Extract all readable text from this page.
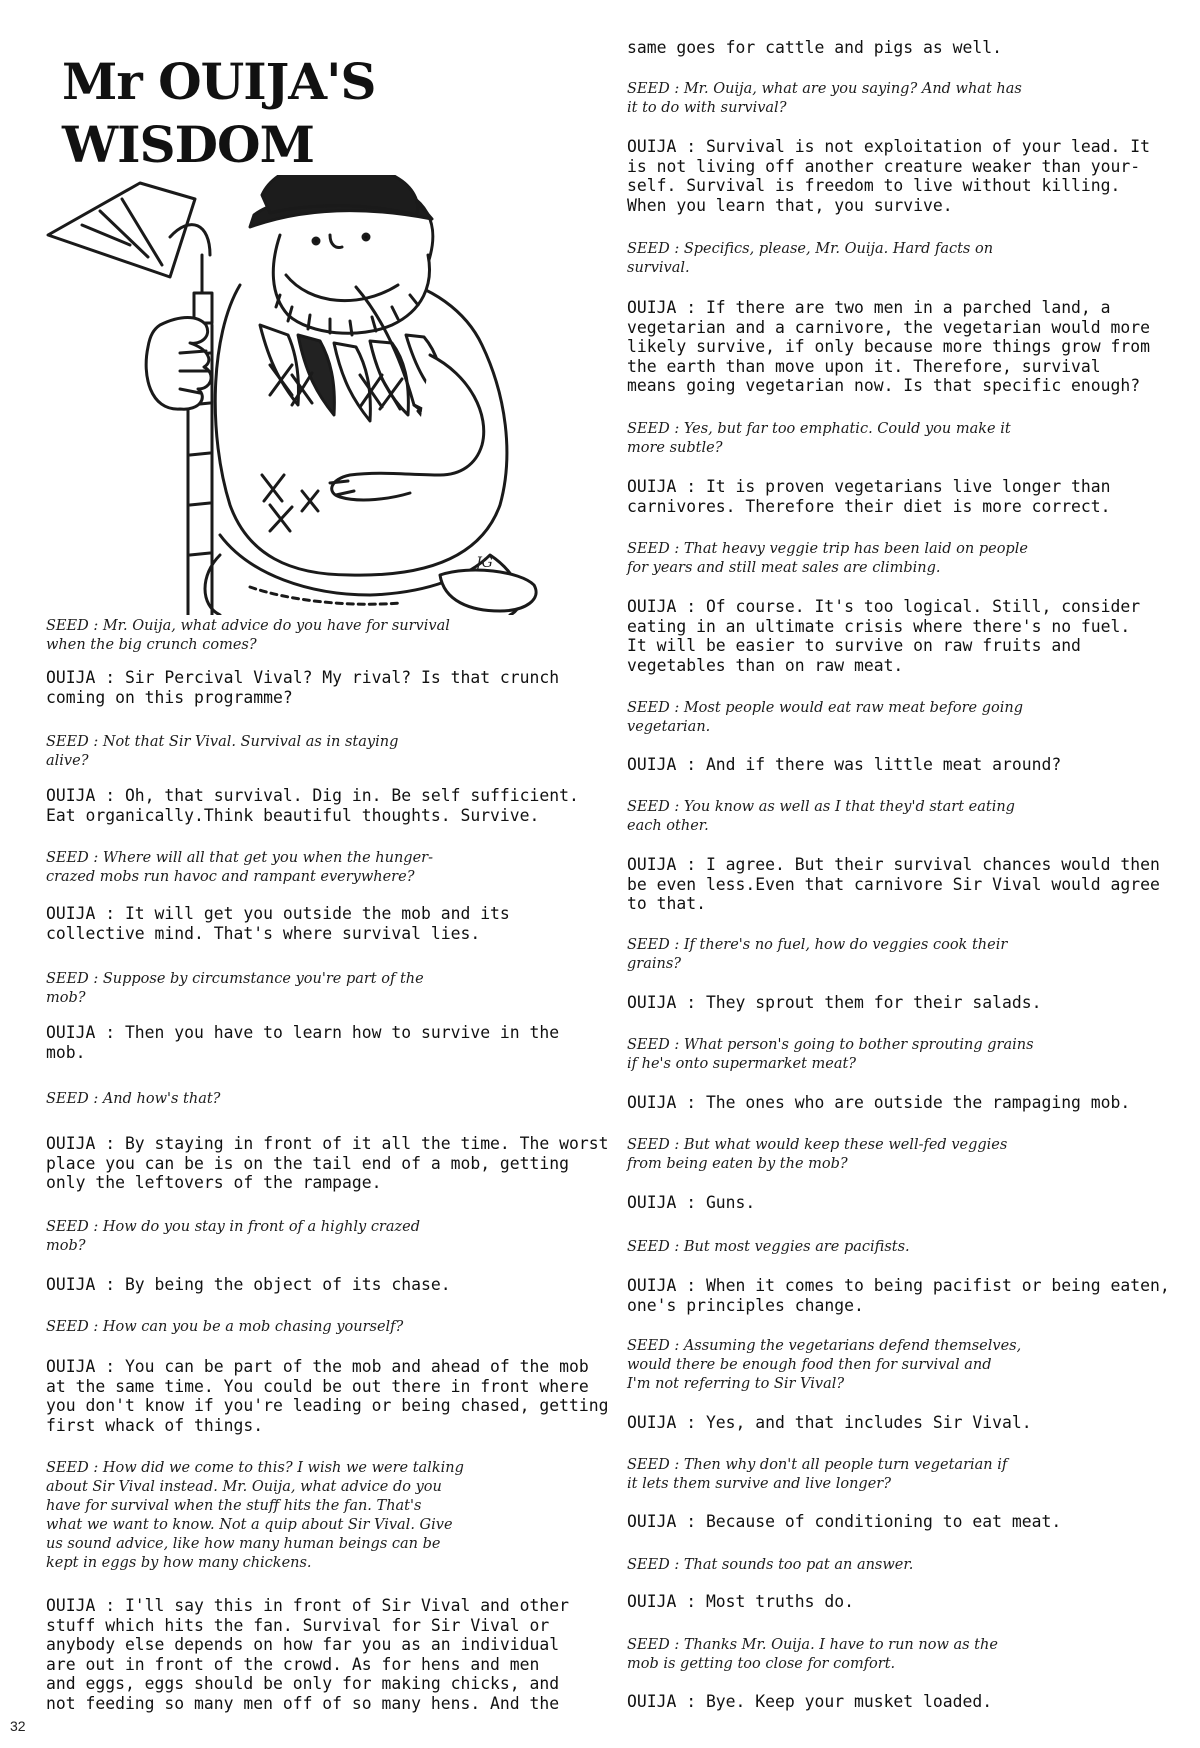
Mr OUIJA'S
WISDOM
JG

SEED : Mr. Ouija, what advice do you have for survival
when the big crunch comes?

OUIJA : Sir Percival Vival? My rival? Is that crunch
coming on this programme?

SEED : Not that Sir Vival. Survival as in staying
alive?

OUIJA : Oh, that survival. Dig in. Be self sufficient.
Eat organically.Think beautiful thoughts. Survive.

SEED : Where will all that get you when the hunger-
crazed mobs run havoc and rampant everywhere?

OUIJA : It will get you outside the mob and its
collective mind. That's where survival lies.

SEED : Suppose by circumstance you're part of the
mob?

OUIJA : Then you have to learn how to survive in the
mob.

SEED : And how's that?

OUIJA : By staying in front of it all the time. The worst
place you can be is on the tail end of a mob, getting
only the leftovers of the rampage.

SEED : How do you stay in front of a highly crazed
mob?

OUIJA : By being the object of its chase.

SEED : How can you be a mob chasing yourself?

OUIJA : You can be part of the mob and ahead of the mob
at the same time. You could be out there in front where
you don't know if you're leading or being chased, getting
first whack of things.

SEED : How did we come to this? I wish we were talking
about Sir Vival instead. Mr. Ouija, what advice do you
have for survival when the stuff hits the fan. That's
what we want to know. Not a quip about Sir Vival. Give
us sound advice, like how many human beings can be
kept in eggs by how many chickens.

OUIJA : I'll say this in front of Sir Vival and other
stuff which hits the fan. Survival for Sir Vival or
anybody else depends on how far you as an individual
are out in front of the crowd. As for hens and men
and eggs, eggs should be only for making chicks, and
not feeding so many men off of so many hens. And the

same goes for cattle and pigs as well.

SEED : Mr. Ouija, what are you saying? And what has
it to do with survival?

OUIJA : Survival is not exploitation of your lead. It
is not living off another creature weaker than your-
self. Survival is freedom to live without killing.
When you learn that, you survive.

SEED : Specifics, please, Mr. Ouija. Hard facts on
survival.

OUIJA : If there are two men in a parched land, a
vegetarian and a carnivore, the vegetarian would more
likely survive, if only because more things grow from
the earth than move upon it. Therefore, survival
means going vegetarian now. Is that specific enough?

SEED : Yes, but far too emphatic. Could you make it
more subtle?

OUIJA : It is proven vegetarians live longer than
carnivores. Therefore their diet is more correct.

SEED : That heavy veggie trip has been laid on people
for years and still meat sales are climbing.

OUIJA : Of course. It's too logical. Still, consider
eating in an ultimate crisis where there's no fuel.
It will be easier to survive on raw fruits and
vegetables than on raw meat.

SEED : Most people would eat raw meat before going
vegetarian.

OUIJA : And if there was little meat around?

SEED : You know as well as I that they'd start eating
each other.

OUIJA : I agree. But their survival chances would then
be even less.Even that carnivore Sir Vival would agree
to that.

SEED : If there's no fuel, how do veggies cook their
grains?

OUIJA : They sprout them for their salads.

SEED : What person's going to bother sprouting grains
if he's onto supermarket meat?

OUIJA : The ones who are outside the rampaging mob.

SEED : But what would keep these well-fed veggies
from being eaten by the mob?

OUIJA : Guns.

SEED : But most veggies are pacifists.

OUIJA : When it comes to being pacifist or being eaten,
one's principles change.

SEED : Assuming the vegetarians defend themselves,
would there be enough food then for survival and
I'm not referring to Sir Vival?

OUIJA : Yes, and that includes Sir Vival.

SEED : Then why don't all people turn vegetarian if
it lets them survive and live longer?

OUIJA : Because of conditioning to eat meat.

SEED : That sounds too pat an answer.

OUIJA : Most truths do.

SEED : Thanks Mr. Ouija. I have to run now as the
mob is getting too close for comfort.

OUIJA : Bye. Keep your musket loaded.

32
